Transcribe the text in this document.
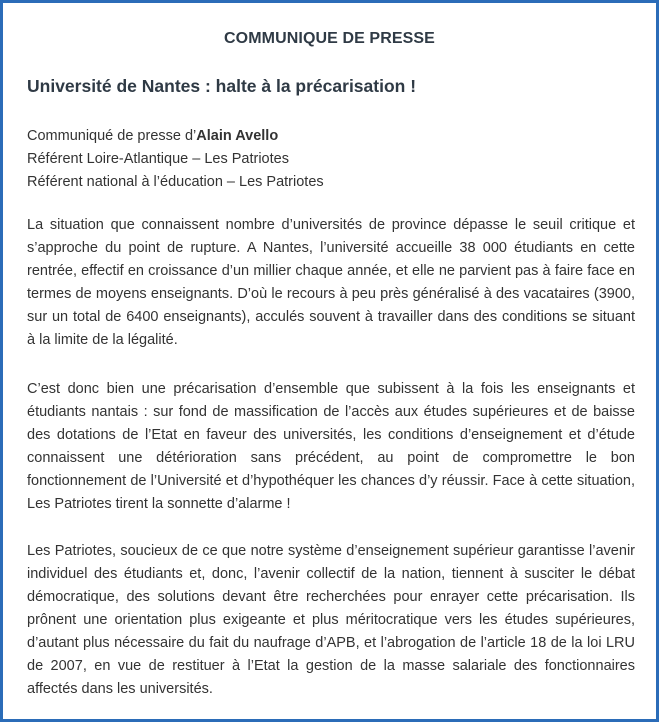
COMMUNIQUE DE PRESSE
Université de Nantes : halte à la précarisation !
Communiqué de presse d’Alain Avello
Référent Loire-Atlantique – Les Patriotes
Référent national à l’éducation – Les Patriotes

La situation que connaissent nombre d’universités de province dépasse le seuil critique et s’approche du point de rupture. A Nantes, l’université accueille 38 000 étudiants en cette rentrée, effectif en croissance d’un millier chaque année, et elle ne parvient pas à faire face en termes de moyens enseignants. D’où le recours à peu près généralisé à des vacataires (3900, sur un total de 6400 enseignants), acculés souvent à travailler dans des conditions se situant à la limite de la légalité.

C’est donc bien une précarisation d’ensemble que subissent à la fois les enseignants et étudiants nantais : sur fond de massification de l’accès aux études supérieures et de baisse des dotations de l’Etat en faveur des universités, les conditions d’enseignement et d’étude connaissent une détérioration sans précédent, au point de compromettre le bon fonctionnement de l’Université et d’hypothéquer les chances d’y réussir. Face à cette situation, Les Patriotes tirent la sonnette d’alarme !

Les Patriotes, soucieux de ce que notre système d’enseignement supérieur garantisse l’avenir individuel des étudiants et, donc, l’avenir collectif de la nation, tiennent à susciter le débat démocratique, des solutions devant être recherchées pour enrayer cette précarisation. Ils prônent une orientation plus exigeante et plus méritocratique vers les études supérieures, d’autant plus nécessaire du fait du naufrage d’APB, et l’abrogation de l’article 18 de la loi LRU de 2007, en vue de restituer à l’Etat la gestion de la masse salariale des fonctionnaires affectés dans les universités.
